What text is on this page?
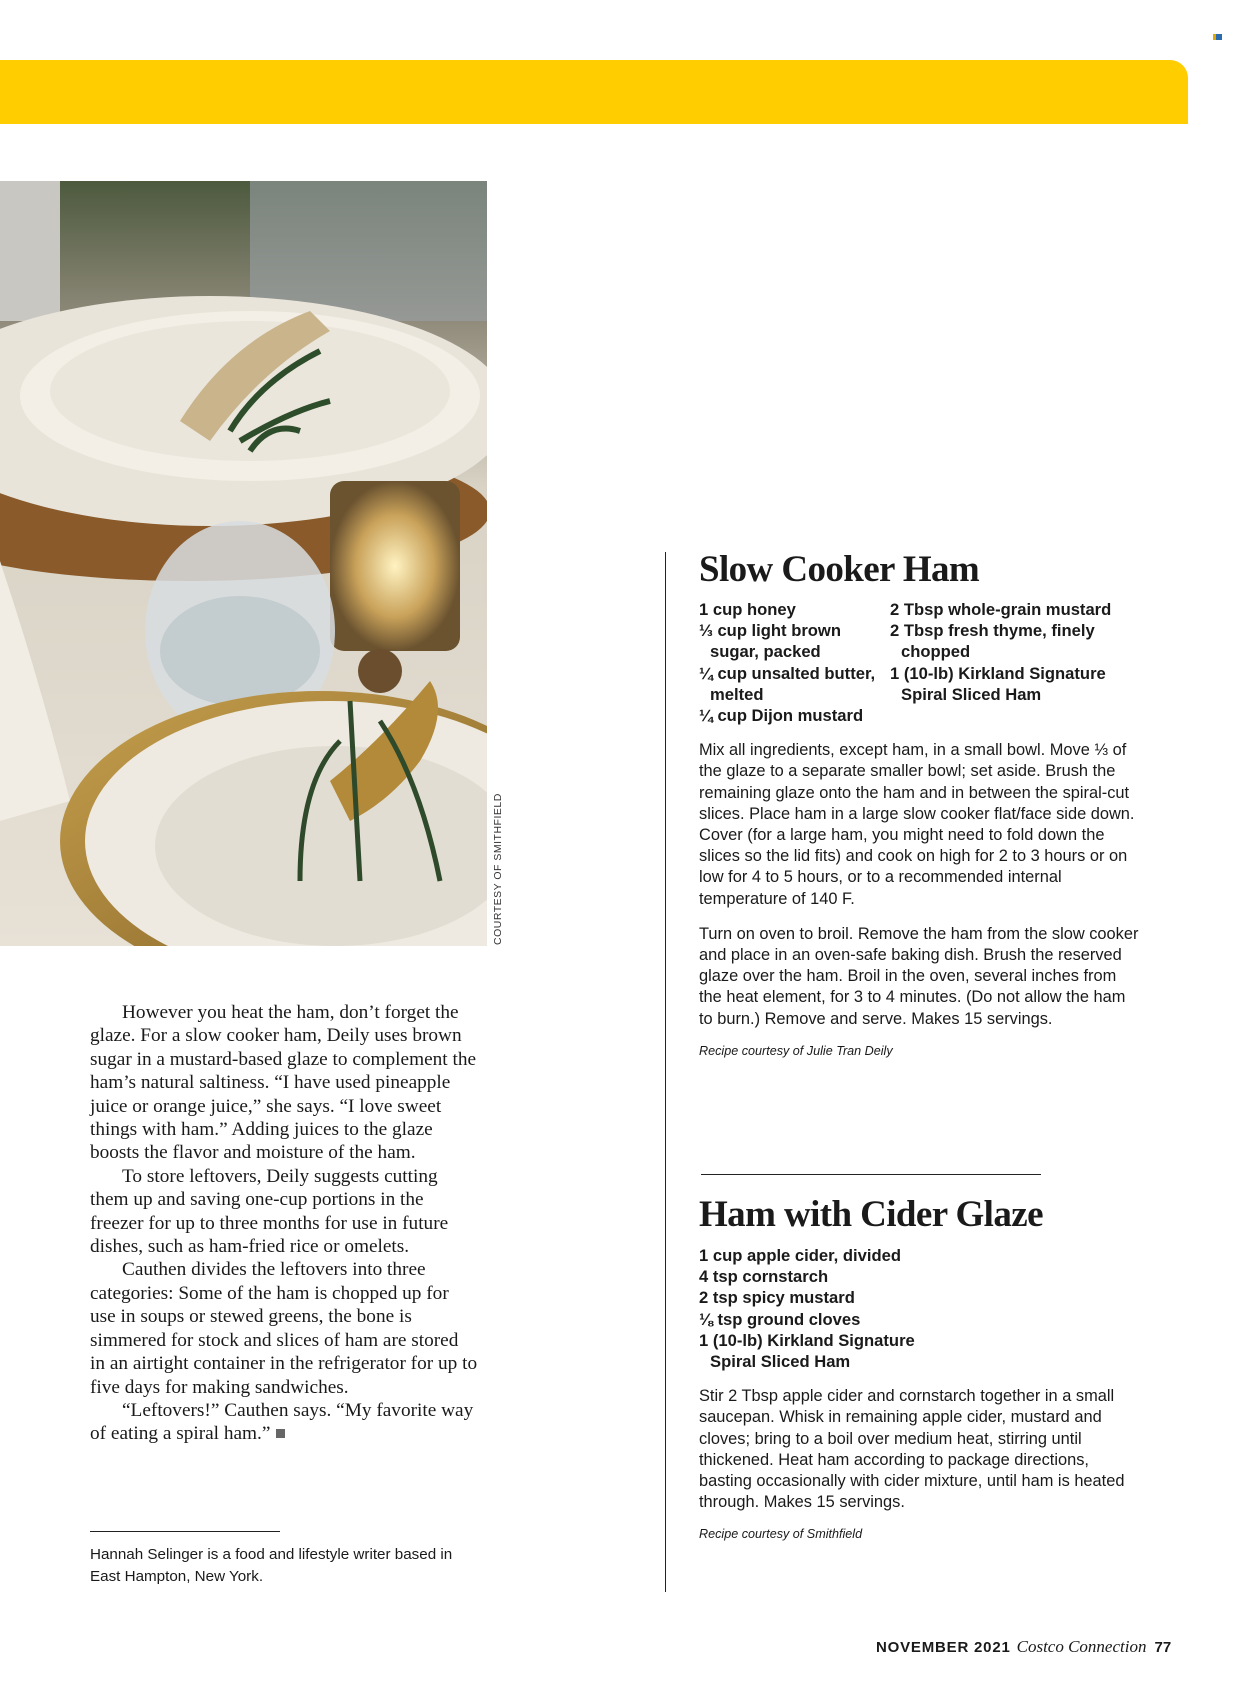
COURTESY OF SMITHFIELD

However you heat the ham, don’t forget the glaze. For a slow cooker ham, Deily uses brown sugar in a mustard-based glaze to complement the ham’s natural saltiness. “I have used pineapple juice or orange juice,” she says. “I love sweet things with ham.” Adding juices to the glaze boosts the flavor and moisture of the ham.

To store leftovers, Deily suggests cutting them up and saving one-cup portions in the freezer for up to three months for use in future dishes, such as ham-fried rice or omelets.

Cauthen divides the leftovers into three categories: Some of the ham is chopped up for use in soups or stewed greens, the bone is simmered for stock and slices of ham are stored in an airtight container in the refrigerator for up to five days for making sandwiches.

“Leftovers!” Cauthen says. “My favorite way of eating a spiral ham.”

Hannah Selinger is a food and lifestyle writer based in East Hampton, New York.
Slow Cooker Ham
1 cup honey
⅓ cup light brown sugar, packed
¼ cup unsalted butter, melted
¼ cup Dijon mustard
2 Tbsp whole-grain mustard
2 Tbsp fresh thyme, finely chopped
1 (10-lb) Kirkland Signature Spiral Sliced Ham

Mix all ingredients, except ham, in a small bowl. Move ⅓ of the glaze to a separate smaller bowl; set aside. Brush the remaining glaze onto the ham and in between the spiral-cut slices. Place ham in a large slow cooker flat/face side down. Cover (for a large ham, you might need to fold down the slices so the lid fits) and cook on high for 2 to 3 hours or on low for 4 to 5 hours, or to a recommended internal temperature of 140 F.

Turn on oven to broil. Remove the ham from the slow cooker and place in an oven-safe baking dish. Brush the reserved glaze over the ham. Broil in the oven, several inches from the heat element, for 3 to 4 minutes. (Do not allow the ham to burn.) Remove and serve. Makes 15 servings.

Recipe courtesy of Julie Tran Deily
Ham with Cider Glaze
1 cup apple cider, divided
4 tsp cornstarch
2 tsp spicy mustard
⅛ tsp ground cloves
1 (10-lb) Kirkland Signature Spiral Sliced Ham

Stir 2 Tbsp apple cider and cornstarch together in a small saucepan. Whisk in remaining apple cider, mustard and cloves; bring to a boil over medium heat, stirring until thickened. Heat ham according to package directions, basting occasionally with cider mixture, until ham is heated through. Makes 15 servings.

Recipe courtesy of Smithfield
NOVEMBER 2021 Costco Connection 77
